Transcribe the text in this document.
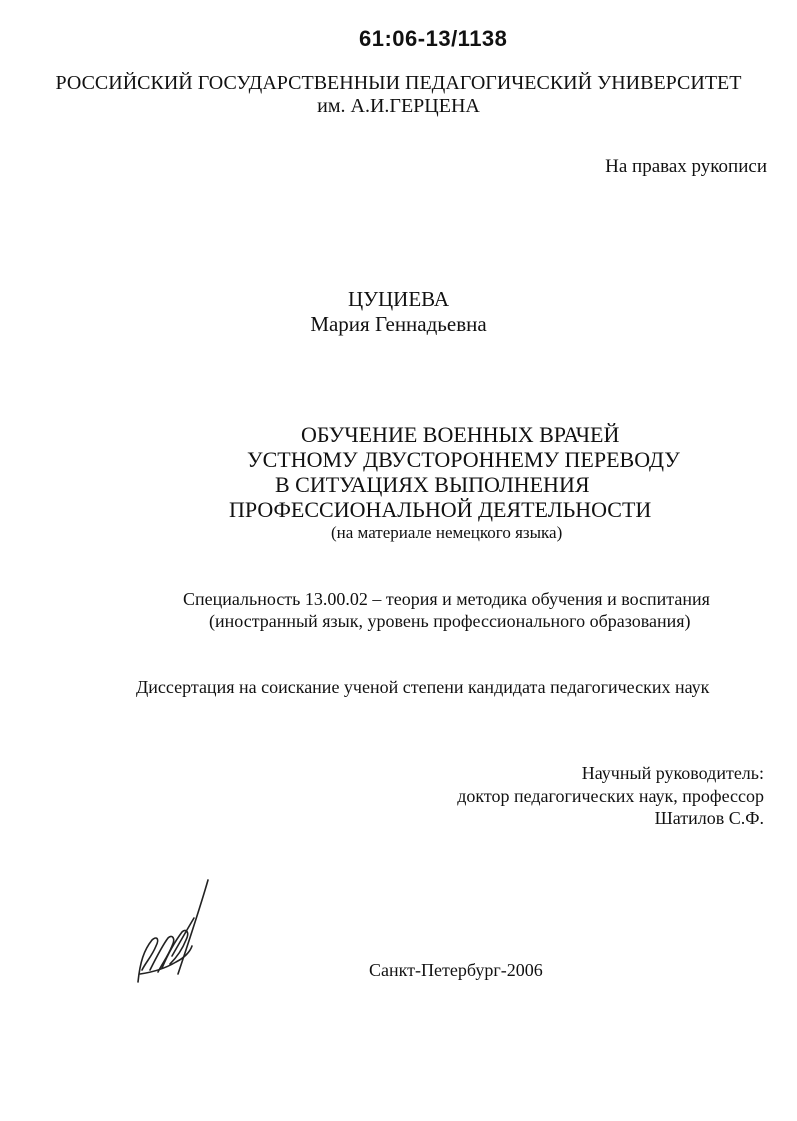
61:06-13/1138
РОССИЙСКИЙ ГОСУДАРСТВЕННЫИ ПЕДАГОГИЧЕСКИЙ УНИВЕРСИТЕТ
им. А.И.ГЕРЦЕНА
На правах рукописи
ЦУЦИЕВА
Мария Геннадьевна
ОБУЧЕНИЕ ВОЕННЫХ ВРАЧЕЙ
УСТНОМУ ДВУСТОРОННЕМУ ПЕРЕВОДУ
В СИТУАЦИЯХ ВЫПОЛНЕНИЯ
ПРОФЕССИОНАЛЬНОЙ ДЕЯТЕЛЬНОСТИ
(на материале немецкого языка)
Специальность 13.00.02 – теория и методика обучения и воспитания
(иностранный язык, уровень профессионального образования)
Диссертация на соискание ученой степени кандидата педагогических наук
Научный руководитель:
доктор педагогических наук, профессор
Шатилов С.Ф.
Санкт-Петербург-2006
